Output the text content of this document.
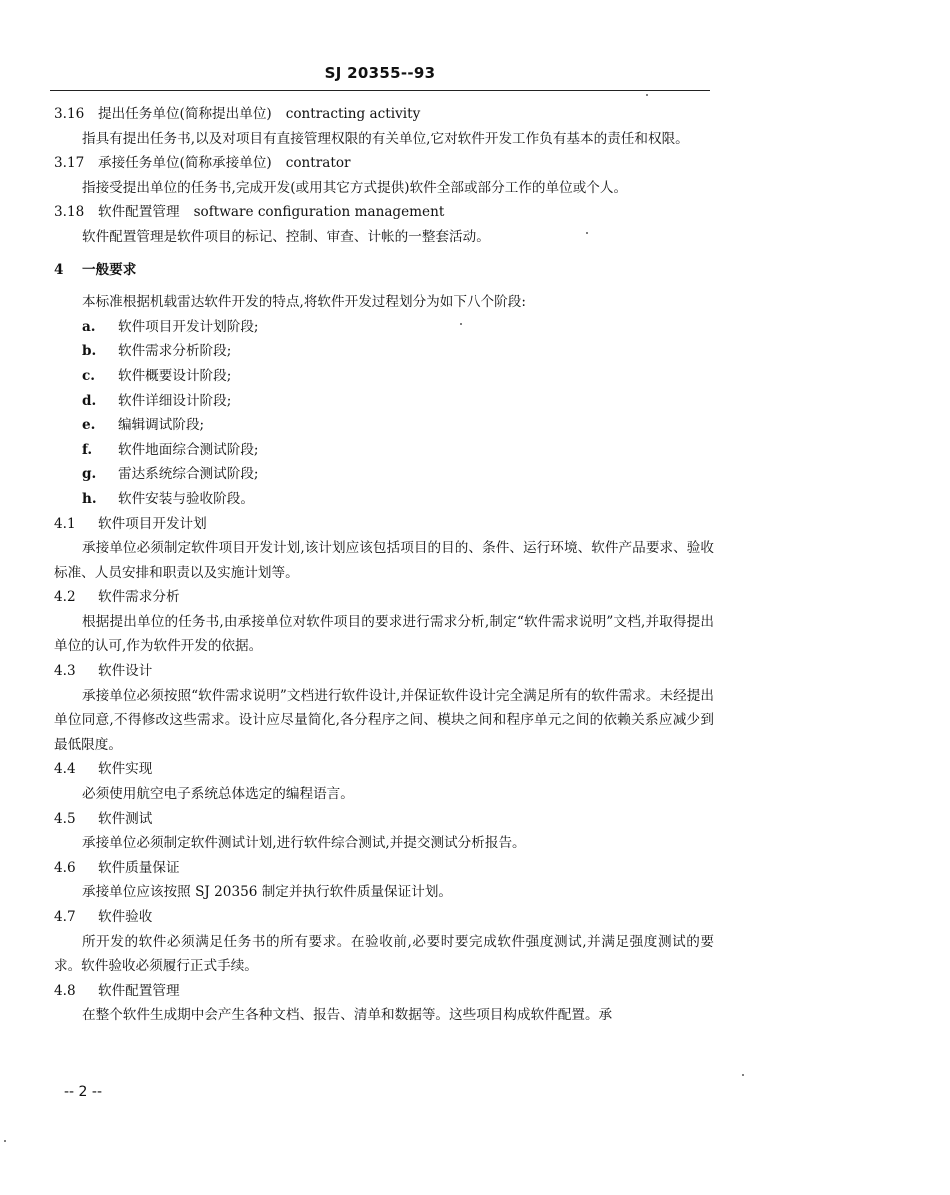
SJ 20355--93

3.16 提出任务单位(简称提出单位) contracting activity

指具有提出任务书,以及对项目有直接管理权限的有关单位,它对软件开发工作负有基本的责任和权限。

3.17 承接任务单位(简称承接单位) contrator

指接受提出单位的任务书,完成开发(或用其它方式提供)软件全部或部分工作的单位或个人。

3.18 软件配置管理 software configuration management

软件配置管理是软件项目的标记、控制、审查、计帐的一整套活动。

4 一般要求

本标准根据机载雷达软件开发的特点,将软件开发过程划分为如下八个阶段:

a. 软件项目开发计划阶段;
b. 软件需求分析阶段;
c. 软件概要设计阶段;
d. 软件详细设计阶段;
e. 编辑调试阶段;
f. 软件地面综合测试阶段;
g. 雷达系统综合测试阶段;
h. 软件安装与验收阶段。

4.1 软件项目开发计划

承接单位必须制定软件项目开发计划,该计划应该包括项目的目的、条件、运行环境、软件产品要求、验收标准、人员安排和职责以及实施计划等。

4.2 软件需求分析

根据提出单位的任务书,由承接单位对软件项目的要求进行需求分析,制定“软件需求说明”文档,并取得提出单位的认可,作为软件开发的依据。

4.3 软件设计

承接单位必须按照“软件需求说明”文档进行软件设计,并保证软件设计完全满足所有的软件需求。未经提出单位同意,不得修改这些需求。设计应尽量简化,各分程序之间、模块之间和程序单元之间的依赖关系应减少到最低限度。

4.4 软件实现

必须使用航空电子系统总体选定的编程语言。

4.5 软件测试

承接单位必须制定软件测试计划,进行软件综合测试,并提交测试分析报告。

4.6 软件质量保证

承接单位应该按照 SJ 20356 制定并执行软件质量保证计划。

4.7 软件验收

所开发的软件必须满足任务书的所有要求。在验收前,必要时要完成软件强度测试,并满足强度测试的要求。软件验收必须履行正式手续。

4.8 软件配置管理

在整个软件生成期中会产生各种文档、报告、清单和数据等。这些项目构成软件配置。承

-- 2 --
